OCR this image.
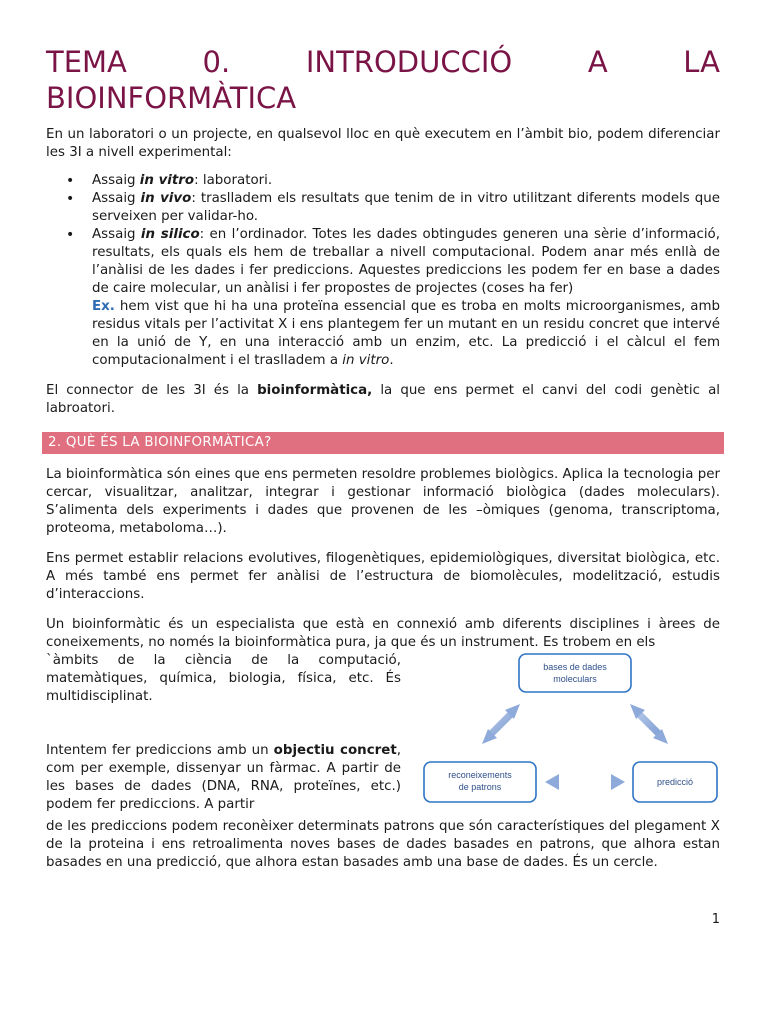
TEMA	0.	INTRODUCCIÓ	A	LA
BIOINFORMÀTICA

En un laboratori o un projecte, en qualsevol lloc en què executem en l’àmbit bio, podem diferenciar les 3I a nivell experimental:

• Assaig in vitro: laboratori.
• Assaig in vivo: traslladem els resultats que tenim de in vitro utilitzant diferents models que serveixen per validar-ho.
• Assaig in silico: en l’ordinador. Totes les dades obtingudes generen una sèrie d’informació, resultats, els quals els hem de treballar a nivell computacional. Podem anar més enllà de l’anàlisi de les dades i fer prediccions. Aquestes prediccions les podem fer en base a dades de caire molecular, un anàlisi i fer propostes de projectes (coses ha fer)
Ex. hem vist que hi ha una proteïna essencial que es troba en molts microorganismes, amb residus vitals per l’activitat X i ens plantegem fer un mutant en un residu concret que intervé en la unió de Y, en una interacció amb un enzim, etc. La predicció i el càlcul el fem computacionalment i el traslladem a in vitro.

El connector de les 3I és la bioinformàtica, la que ens permet el canvi del codi genètic al labroatori.

2. QUÈ ÉS LA BIOINFORMÀTICA?

La bioinformàtica són eines que ens permeten resoldre problemes biològics. Aplica la tecnologia per cercar, visualitzar, analitzar, integrar i gestionar informació biològica (dades moleculars). S’alimenta dels experiments i dades que provenen de les –òmiques (genoma, transcriptoma, proteoma, metaboloma…).

Ens permet establir relacions evolutives, filogenètiques, epidemiològiques, diversitat biològica, etc. A més també ens permet fer anàlisi de l’estructura de biomolècules, modelització, estudis d’interaccions.

Un bioinformàtic és un especialista que està en connexió amb diferents disciplines i àrees de coneixements, no només la bioinformàtica pura, ja que és un instrument. Es trobem en els

`àmbits de la ciència de la computació, matemàtiques, química, biologia, física, etc. És multidisciplinat.

Intentem fer prediccions amb un objectiu concret, com per exemple, dissenyar un fàrmac. A partir de les bases de dades (DNA, RNA, proteïnes, etc.) podem fer prediccions. A partir

bases de dades
moleculars
reconeixements
de patrons	predicció

de les prediccions podem reconèixer determinats patrons que són característiques del plegament X de la proteina i ens retroalimenta noves bases de dades basades en patrons, que alhora estan basades en una predicció, que alhora estan basades amb una base de dades. És un cercle.

1
